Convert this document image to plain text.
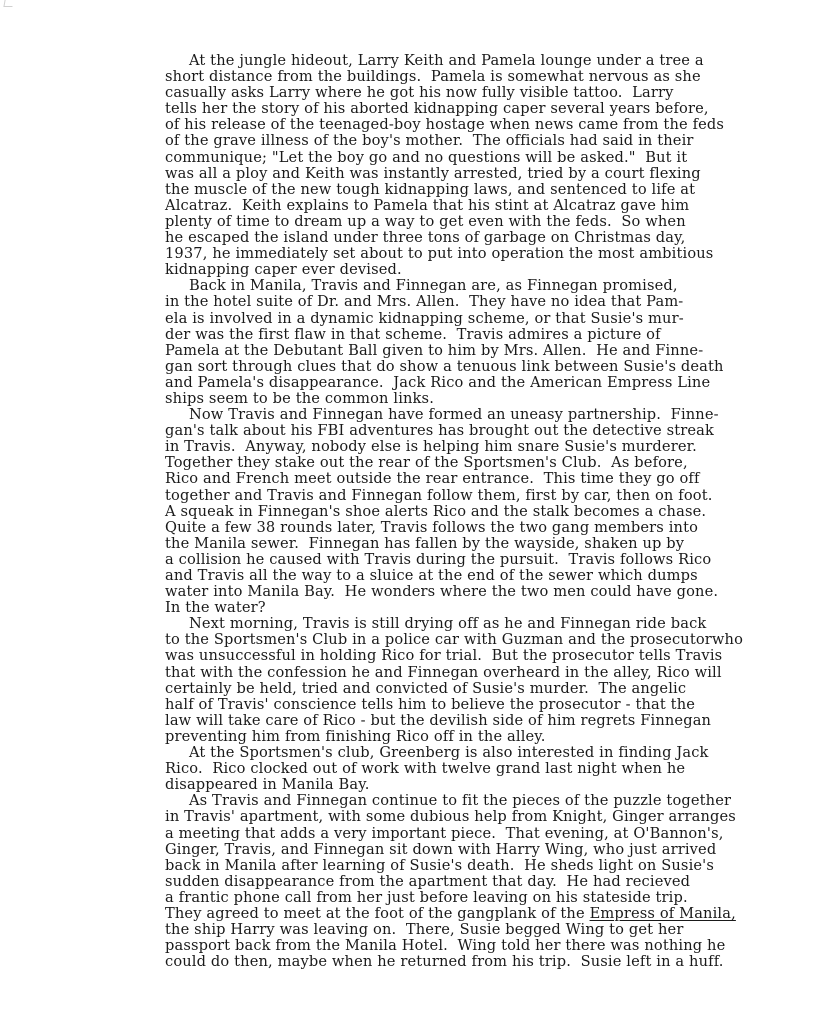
At the jungle hideout, Larry Keith and Pamela lounge under a tree a
short distance from the buildings.  Pamela is somewhat nervous as she
casually asks Larry where he got his now fully visible tattoo.  Larry
tells her the story of his aborted kidnapping caper several years before,
of his release of the teenaged-boy hostage when news came from the feds
of the grave illness of the boy's mother.  The officials had said in their
communique; "Let the boy go and no questions will be asked."  But it
was all a ploy and Keith was instantly arrested, tried by a court flexing
the muscle of the new tough kidnapping laws, and sentenced to life at
Alcatraz.  Keith explains to Pamela that his stint at Alcatraz gave him
plenty of time to dream up a way to get even with the feds.  So when
he escaped the island under three tons of garbage on Christmas day,
1937, he immediately set about to put into operation the most ambitious
kidnapping caper ever devised.
Back in Manila, Travis and Finnegan are, as Finnegan promised,
in the hotel suite of Dr. and Mrs. Allen.  They have no idea that Pam-
ela is involved in a dynamic kidnapping scheme, or that Susie's mur-
der was the first flaw in that scheme.  Travis admires a picture of
Pamela at the Debutant Ball given to him by Mrs. Allen.  He and Finne-
gan sort through clues that do show a tenuous link between Susie's death
and Pamela's disappearance.  Jack Rico and the American Empress Line
ships seem to be the common links.
Now Travis and Finnegan have formed an uneasy partnership.  Finne-
gan's talk about his FBI adventures has brought out the detective streak
in Travis.  Anyway, nobody else is helping him snare Susie's murderer.
Together they stake out the rear of the Sportsmen's Club.  As before,
Rico and French meet outside the rear entrance.  This time they go off
together and Travis and Finnegan follow them, first by car, then on foot.
A squeak in Finnegan's shoe alerts Rico and the stalk becomes a chase.
Quite a few 38 rounds later, Travis follows the two gang members into
the Manila sewer.  Finnegan has fallen by the wayside, shaken up by
a collision he caused with Travis during the pursuit.  Travis follows Rico
and Travis all the way to a sluice at the end of the sewer which dumps
water into Manila Bay.  He wonders where the two men could have gone.
In the water?
Next morning, Travis is still drying off as he and Finnegan ride back
to the Sportsmen's Club in a police car with Guzman and the prosecutorwho
was unsuccessful in holding Rico for trial.  But the prosecutor tells Travis
that with the confession he and Finnegan overheard in the alley, Rico will
certainly be held, tried and convicted of Susie's murder.  The angelic
half of Travis' conscience tells him to believe the prosecutor - that the
law will take care of Rico - but the devilish side of him regrets Finnegan
preventing him from finishing Rico off in the alley.
At the Sportsmen's club, Greenberg is also interested in finding Jack
Rico.  Rico clocked out of work with twelve grand last night when he
disappeared in Manila Bay.
As Travis and Finnegan continue to fit the pieces of the puzzle together
in Travis' apartment, with some dubious help from Knight, Ginger arranges
a meeting that adds a very important piece.  That evening, at O'Bannon's,
Ginger, Travis, and Finnegan sit down with Harry Wing, who just arrived
back in Manila after learning of Susie's death.  He sheds light on Susie's
sudden disappearance from the apartment that day.  He had recieved
a frantic phone call from her just before leaving on his stateside trip.
They agreed to meet at the foot of the gangplank of the Empress of Manila,
the ship Harry was leaving on.  There, Susie begged Wing to get her
passport back from the Manila Hotel.  Wing told her there was nothing he
could do then, maybe when he returned from his trip.  Susie left in a huff.
